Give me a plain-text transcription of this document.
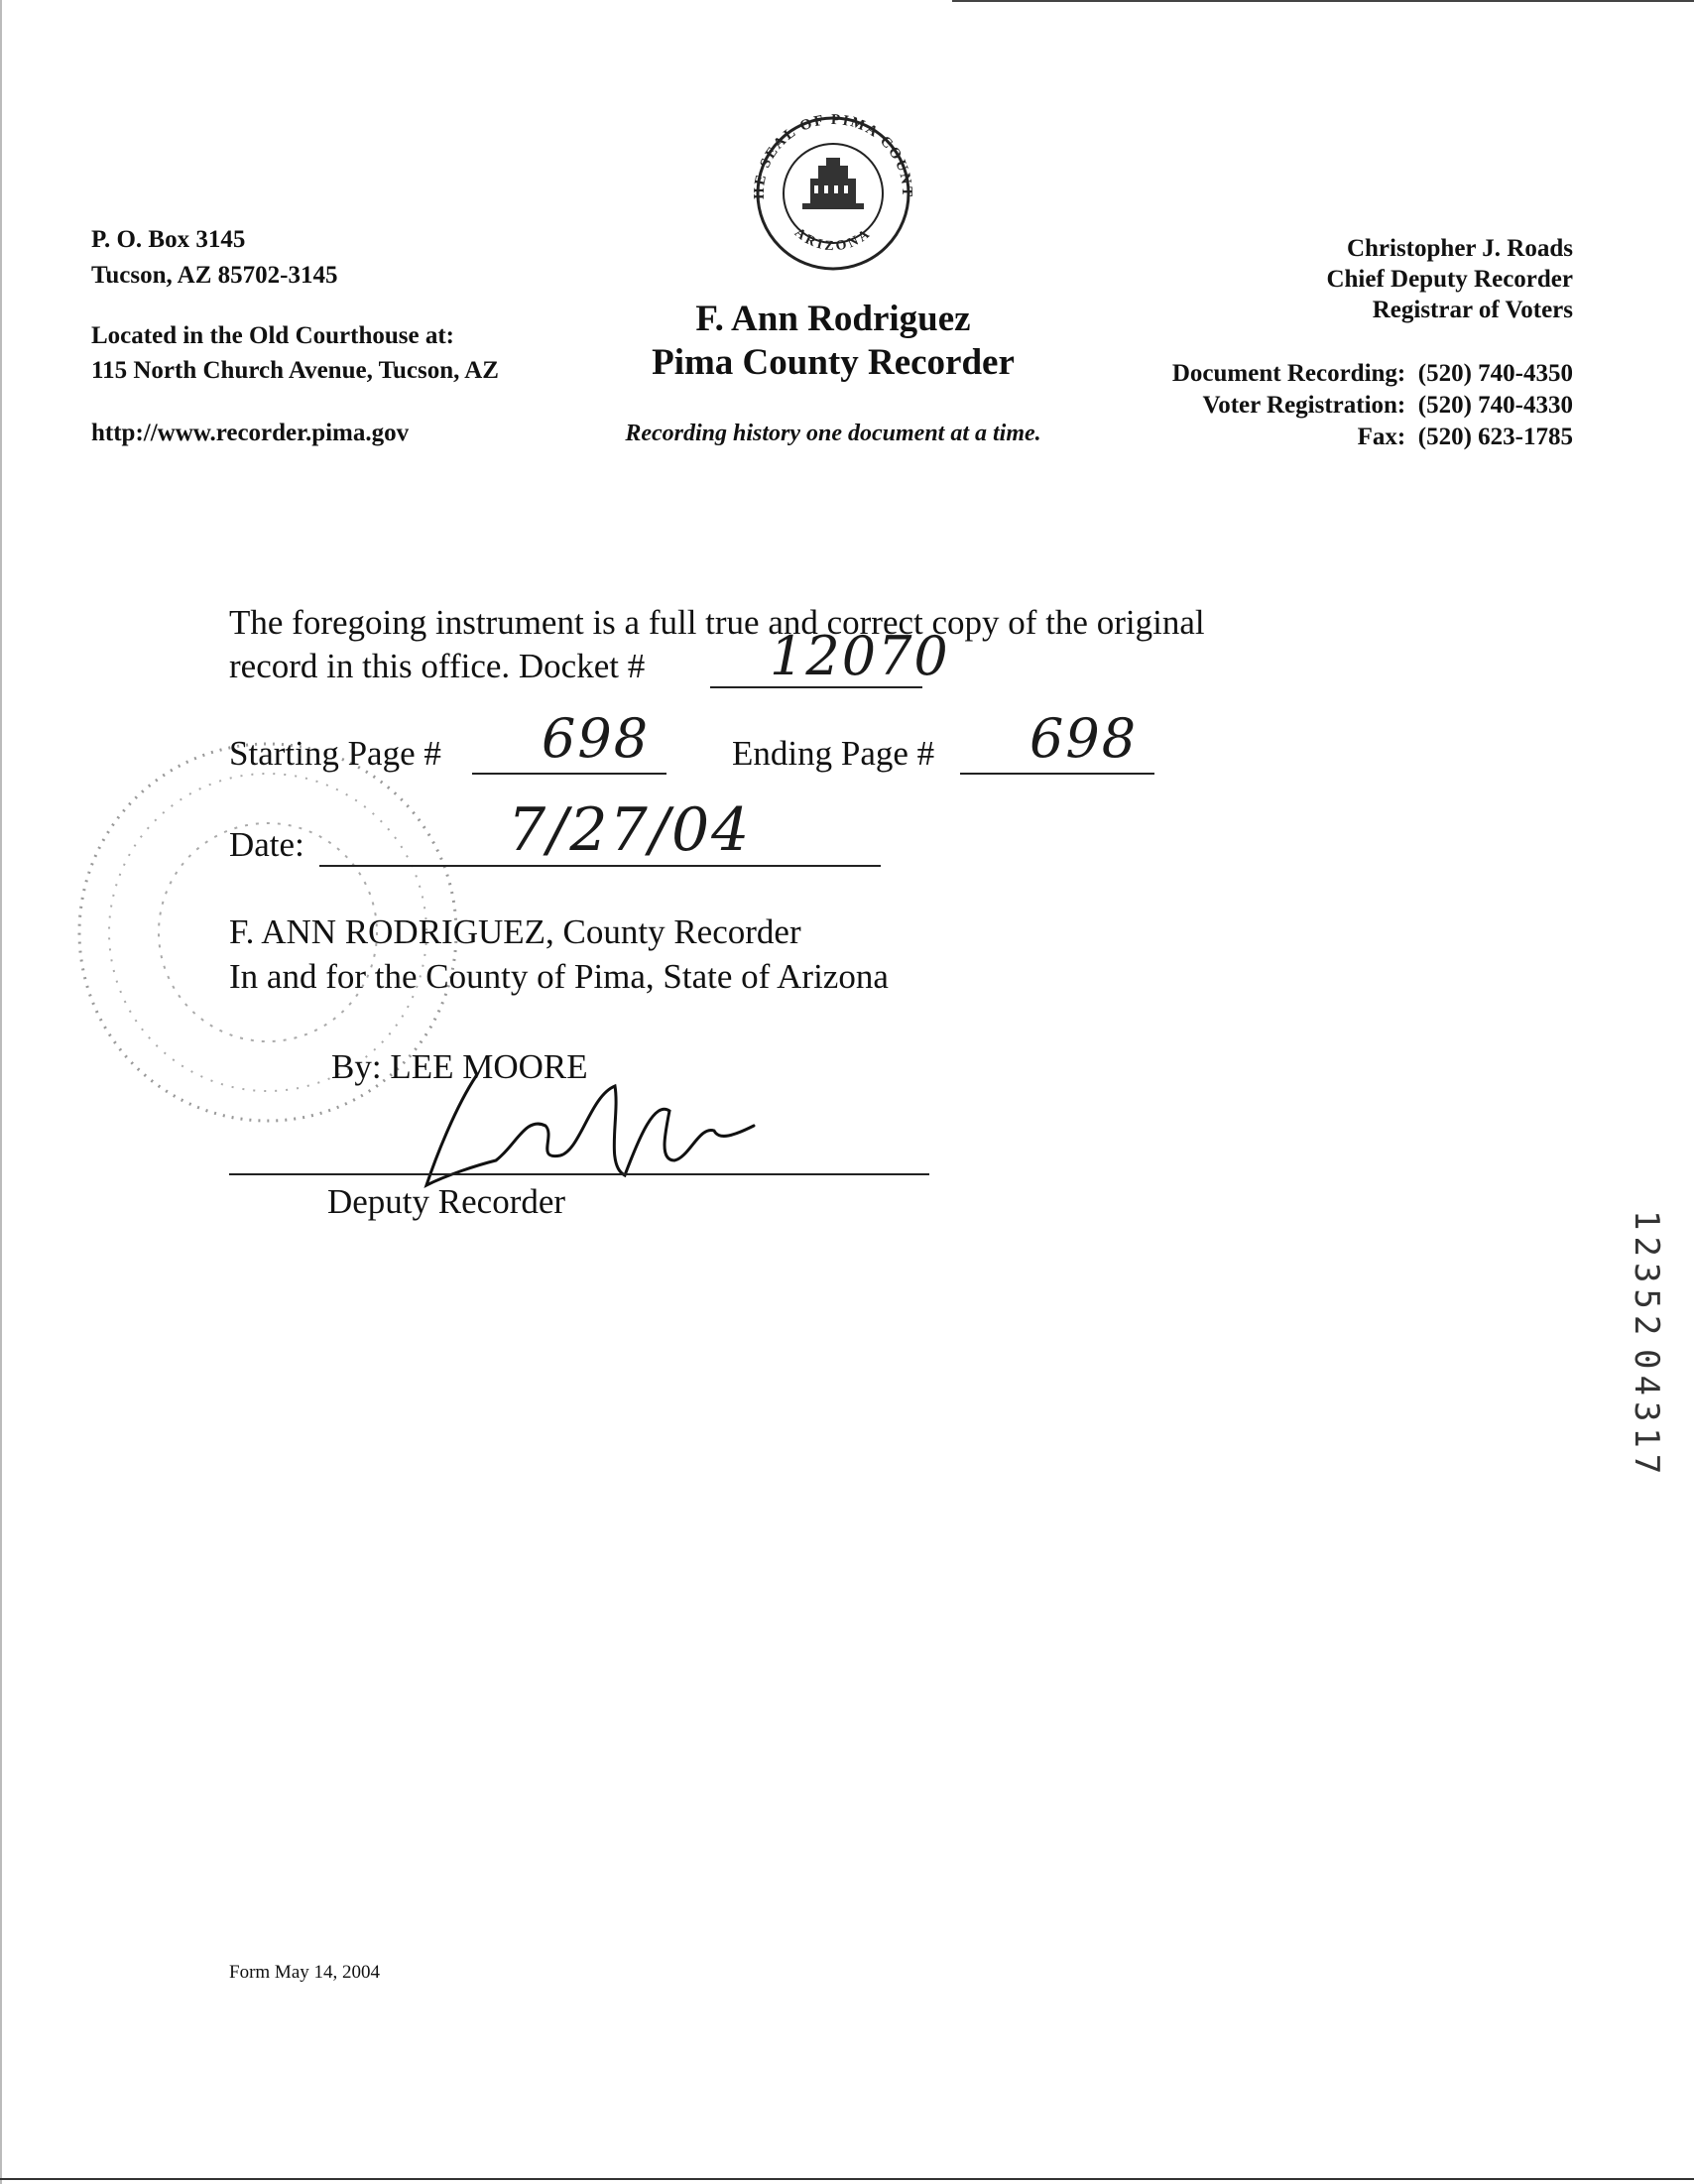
P. O. Box 3145
Tucson, AZ 85702-3145
Located in the Old Courthouse at:
115 North Church Avenue, Tucson, AZ
http://www.recorder.pima.gov
HE SEAL OF PIMA COUNT
ARIZONA
F. Ann Rodriguez
Pima County Recorder
Recording history one document at a time.
Christopher J. Roads
Chief Deputy Recorder
Registrar of Voters
Document Recording: (520) 740-4350
Voter Registration: (520) 740-4330
Fax: (520) 623-1785
The foregoing instrument is a full true and correct copy of the original
record in this office. Docket # 12070
Starting Page # 698 Ending Page # 698
Date:	7/27/04
F. ANN RODRIGUEZ, County Recorder
In and for the County of Pima, State of Arizona
By: LEE MOORE
Deputy Recorder
12352
04317
Form May 14, 2004
